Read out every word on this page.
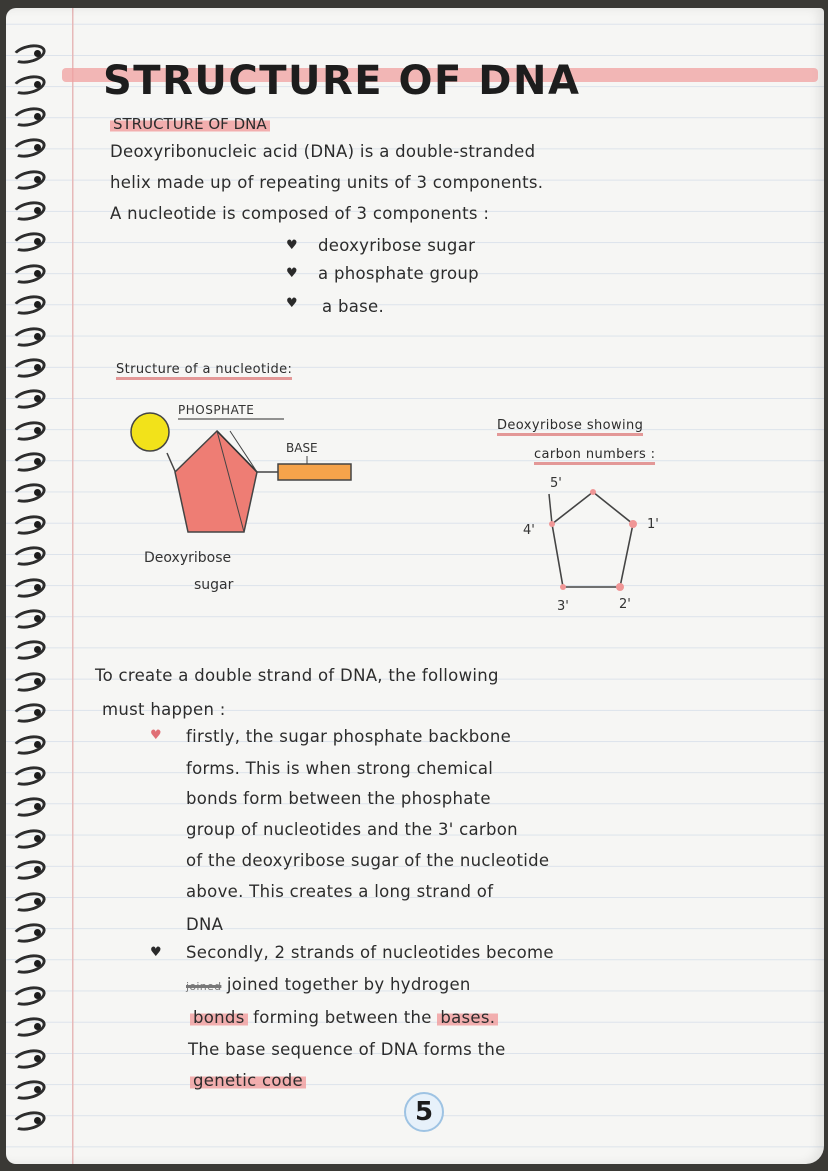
STRUCTURE OF DNA
STRUCTURE OF DNA
Deoxyribonucleic acid (DNA) is a double-stranded
helix made up of repeating units of 3 components.
A nucleotide is composed of 3 components :
♥ deoxyribose sugar
♥ a phosphate group
♥ a base.
Structure of a nucleotide:
PHOSPHATE
BASE
Deoxyribose
sugar
Deoxyribose showing
carbon numbers :
5'
4'	1'
3'	2'
To create a double strand of DNA, the following
must happen :
♥ firstly, the sugar phosphate backbone
forms. This is when strong chemical
bonds form between the phosphate
group of nucleotides and the 3' carbon
of the deoxyribose sugar of the nucleotide
above. This creates a long strand of
DNA
♥ Secondly, 2 strands of nucleotides become
joined joined together by hydrogen
bonds forming between the bases.
The base sequence of DNA forms the
genetic code
5
